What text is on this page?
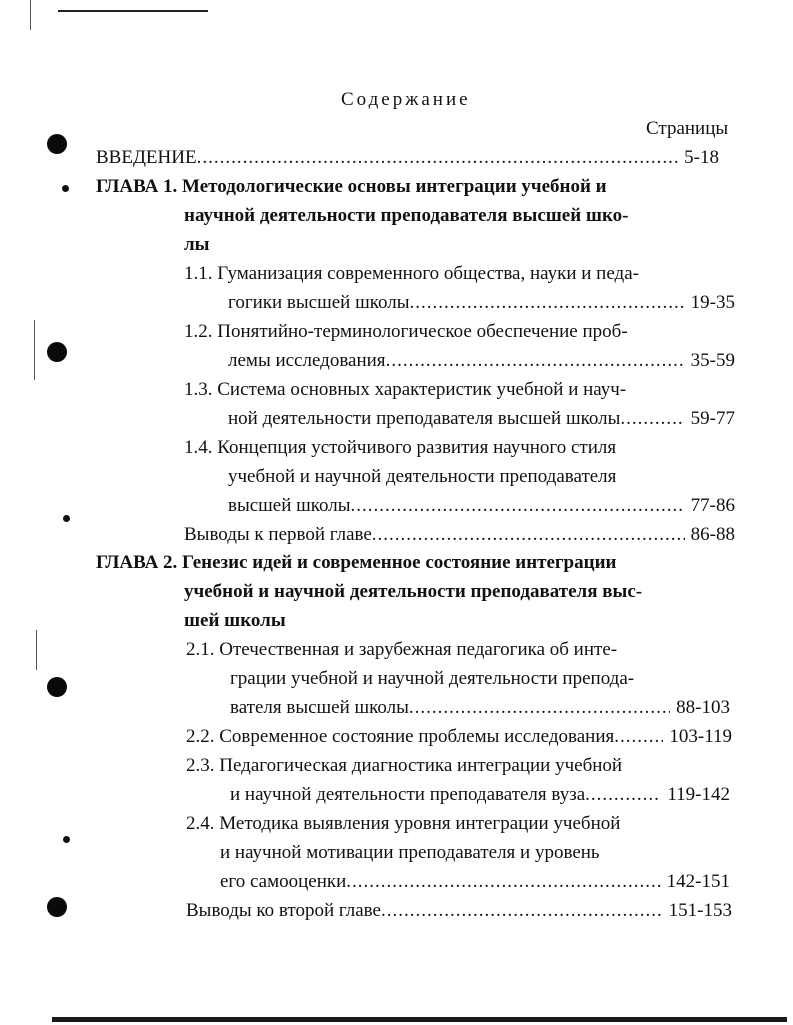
Содержание
Страницы
ВВЕДЕНИЕ .....	5-18
ГЛАВА 1. Методологические основы интеграции учебной и
научной деятельности преподавателя высшей шко-
лы
1.1. Гуманизация современного общества, науки и педа-
гогики высшей школы .....	19-35
1.2. Понятийно-терминологическое обеспечение проб-
лемы исследования .....	35-59
1.3. Система основных характеристик учебной и науч-
ной деятельности преподавателя высшей школы .....	59-77
1.4. Концепция устойчивого развития научного стиля
учебной и научной деятельности преподавателя
высшей школы .....	77-86
Выводы к первой главе .....	86-88
ГЛАВА 2. Генезис идей и современное состояние интеграции
учебной и научной деятельности преподавателя выс-
шей школы
2.1. Отечественная и зарубежная педагогика об инте-
грации учебной и научной деятельности препода-
вателя высшей школы .....	88-103
2.2. Современное состояние проблемы исследования .....	103-119
2.3. Педагогическая диагностика интеграции учебной
и научной деятельности преподавателя вуза .....	119-142
2.4. Методика выявления уровня интеграции учебной
и научной мотивации преподавателя и уровень
его самооценки .....	142-151
Выводы ко второй главе .....	151-153
